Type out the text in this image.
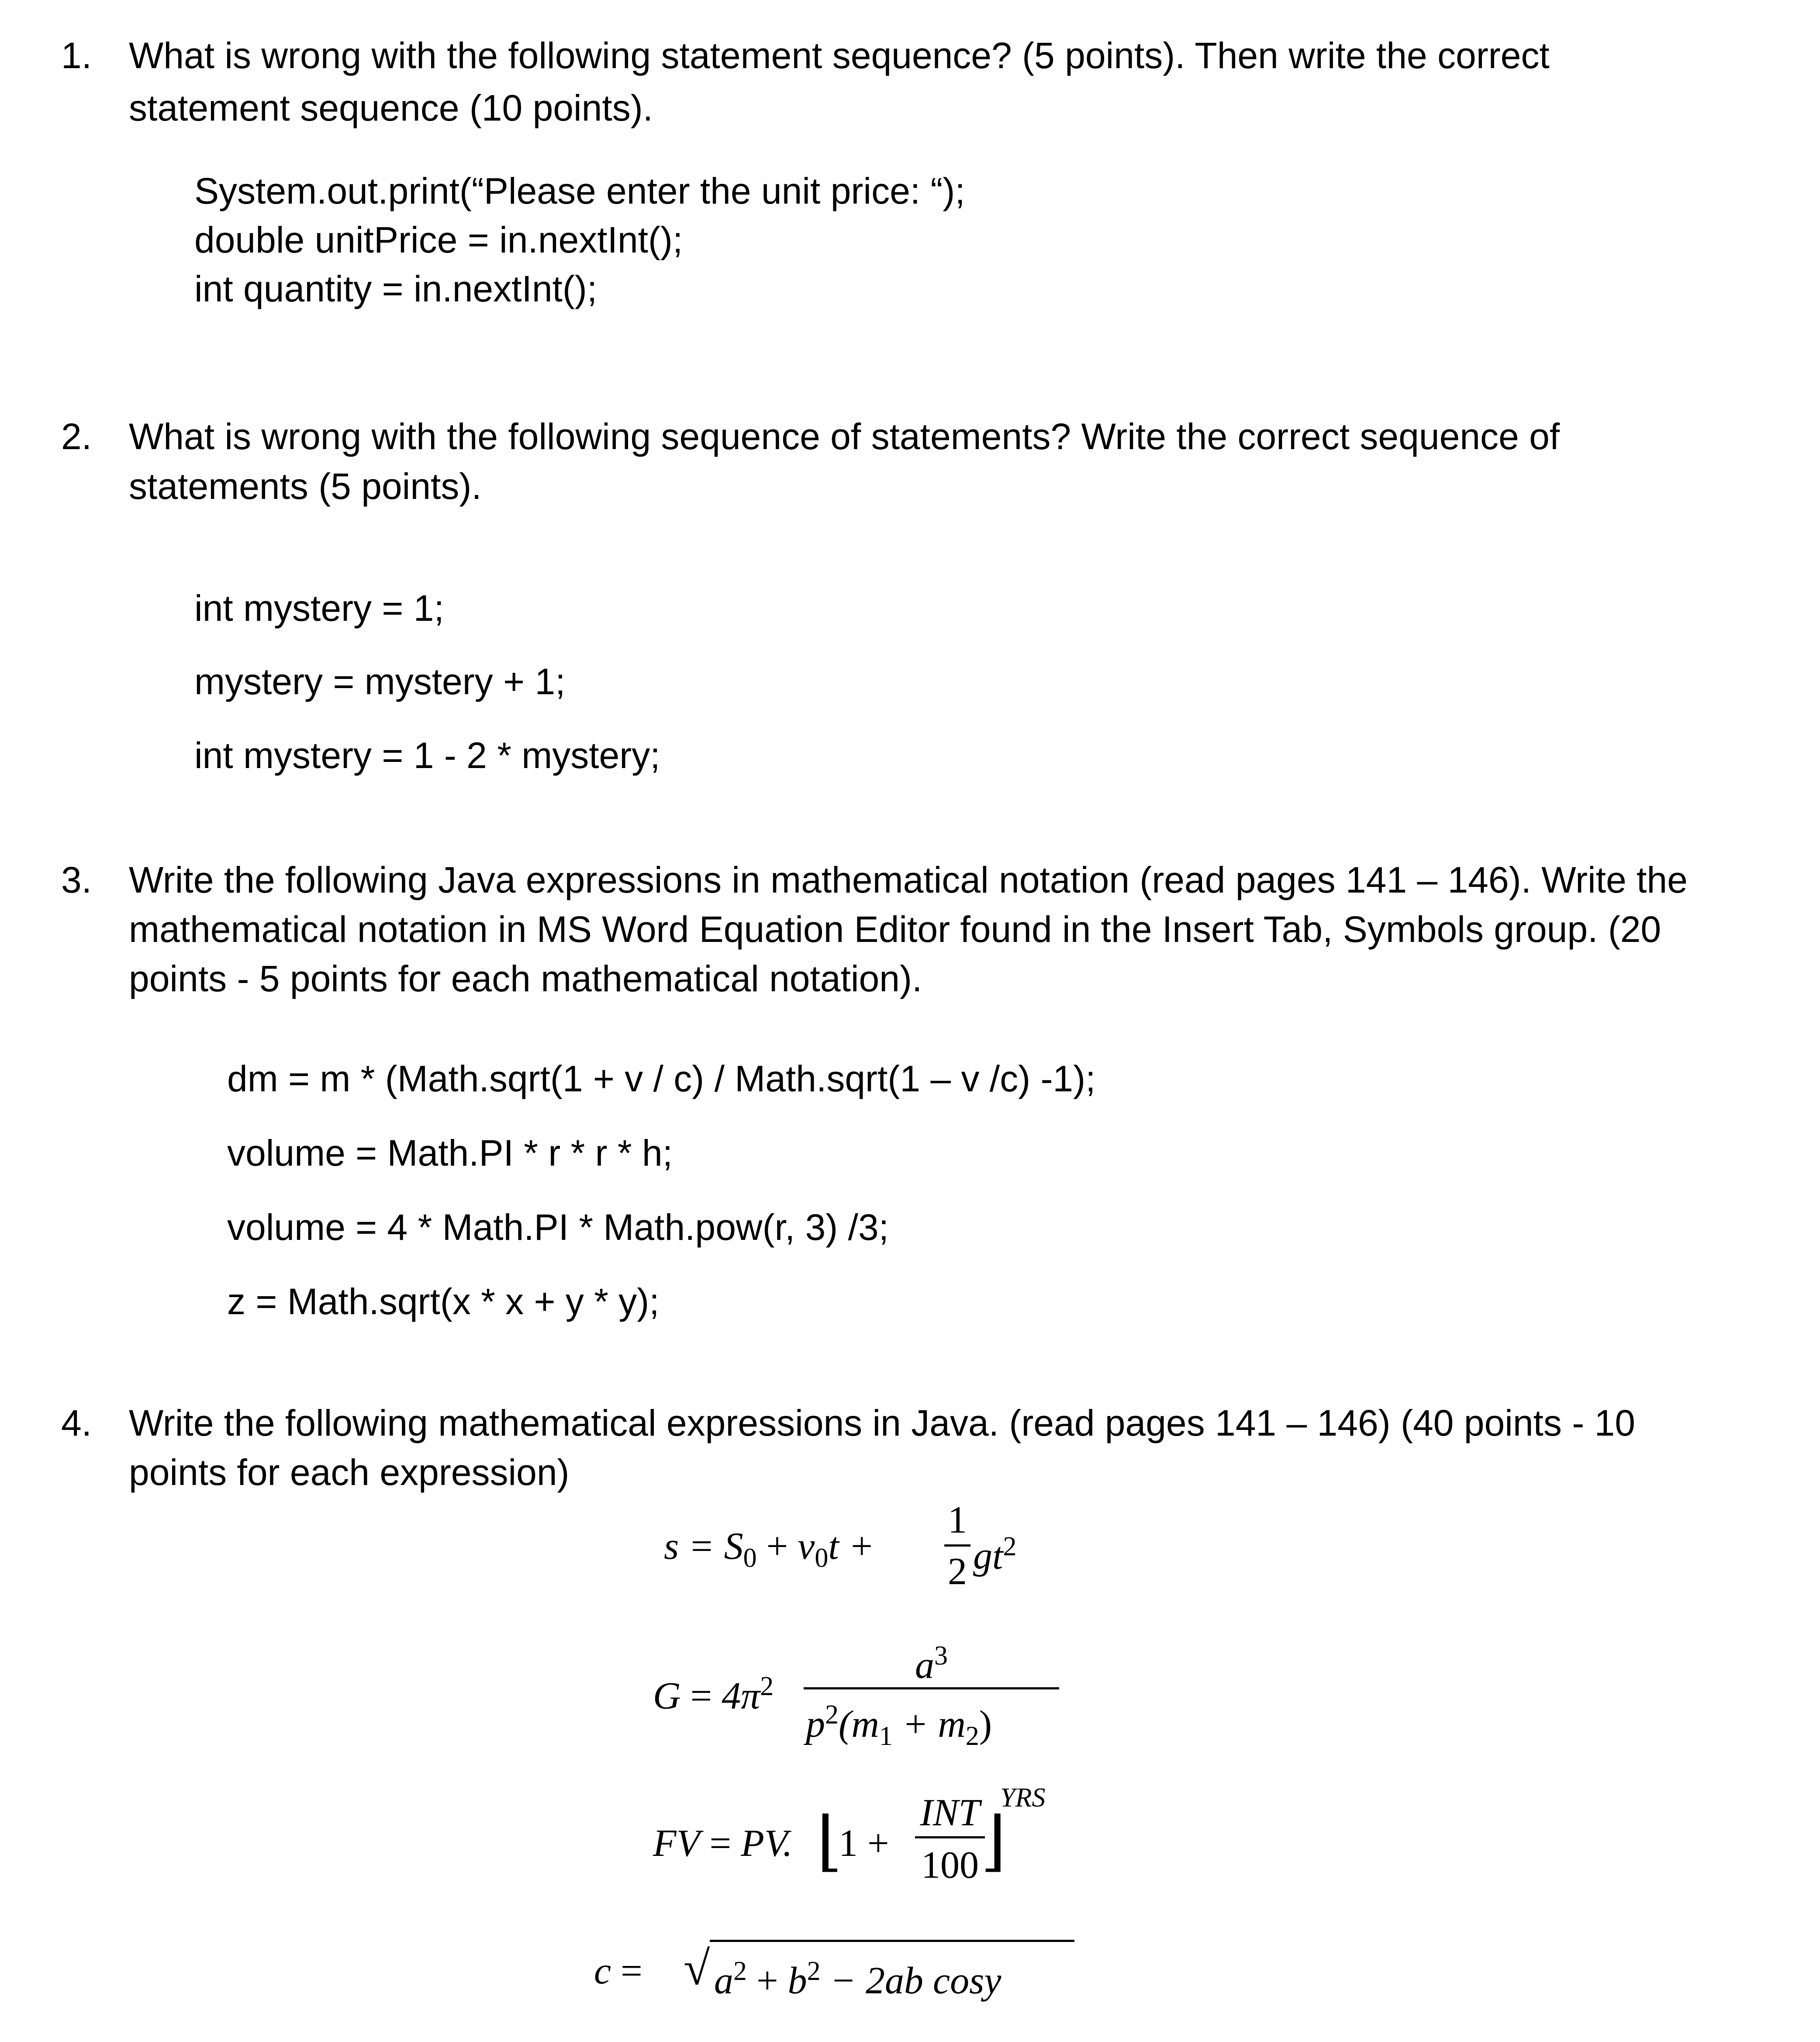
1. What is wrong with the following statement sequence? (5 points). Then write the correct
statement sequence (10 points).
System.out.print(“Please enter the unit price: “);
double unitPrice = in.nextInt();
int quantity = in.nextInt();
2. What is wrong with the following sequence of statements? Write the correct sequence of
statements (5 points).
int mystery = 1;
mystery = mystery + 1;
int mystery = 1 - 2 * mystery;
3. Write the following Java expressions in mathematical notation (read pages 141 – 146). Write the
mathematical notation in MS Word Equation Editor found in the Insert Tab, Symbols group. (20
points - 5 points for each mathematical notation).
dm = m * (Math.sqrt(1 + v / c) / Math.sqrt(1 – v /c) -1);
volume = Math.PI * r * r * h;
volume = 4 * Math.PI * Math.pow(r, 3) /3;
z = Math.sqrt(x * x + y * y);
4. Write the following mathematical expressions in Java. (read pages 141 – 146) (40 points - 10
points for each expression)
$s = S_0 + v_0t$ +
1
2 $gt^2$
$G = 4\pi^2$	$a^3$
$p^2(m_1 + m_2)$
FV = PV. ⌊
1 +
INT
100 ⌋
YRS
c = √ $a^2 + b^2 - 2ab$ cosy
